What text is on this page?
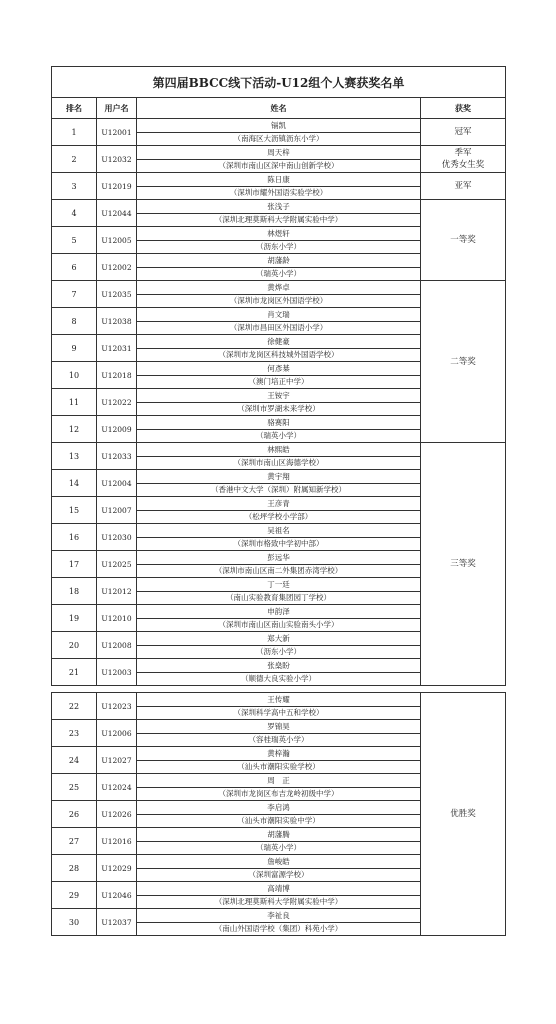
第四届BBCC线下活动-U12组个人赛获奖名单			
排名	用户名	姓名	获奖
1	U12001	镉凯	冠军

		（南海区大沥镇沥东小学）	
2	U12032	周天梓	季军
优秀女生奖

		（深圳市南山区深中南山创新学校）	
3	U12019	陈日康	亚军

		（深圳市耀外国语实验学校）	
4	U12044	张浅子	一等奖

		（深圳北理莫斯科大学附属实验中学）	
5	U12005	林煜轩	
		（沥东小学）	
6	U12002	胡藩龄	
		（瑞英小学）	
7	U12035	黄烨卓	二等奖

		（深圳市龙岗区外国语学校）	
8	U12038	肖文瑞	
		（深圳市昌田区外国语小学）	
9	U12031	徐健豪	
		（深圳市龙岗区科技城外国语学校）	
10	U12018	何彥棊	
		（澳门培正中学）	
11	U12022	王铵宇	
		（深圳市罗湖未来学校）	
12	U12009	骆赛阳	
		（瑞英小学）	
13	U12033	林熙皓	三等奖

		（深圳市南山区海德学校）	
14	U12004	黄宇翔	
		（香港中文大学（深圳）附属知新学校）	
15	U12007	王彦青	
		（松坪学校小学部）	
16	U12030	吴祖名	
		（深圳市格致中学初中部）	
17	U12025	彭远华	
		（深圳市南山区南二外集团赤湾学校）	
18	U12012	丁一廷	
		（南山实验教育集团园丁学校）	
19	U12010	申韵泽	
		（深圳市南山区南山实验南头小学）	
20	U12008	郑大新	
		（沥东小学）	
21	U12003	张燊盼	
		（顺德大良实验小学）	
22	U12023	王传耀	优胜奖

		（深圳科学高中五和学校）	
23	U12006	罗锦昊	
		（容桂瑞英小学）	
24	U12027	黄梓瀚	
		（汕头市潮阳实验学校）	
25	U12024	周　正	
		（深圳市龙岗区布吉龙岭初级中学）	
26	U12026	李启鸿	
		（汕头市潮阳实验中学）	
27	U12016	胡藩腾	
		（瑞英小学）	
28	U12029	詹峻皓	
		（深圳富源学校）	
29	U12046	高靖博	
		（深圳北理莫斯科大学附属实验中学）	
30	U12037	李祉良	
		（南山外国语学校（集团）科苑小学）	
